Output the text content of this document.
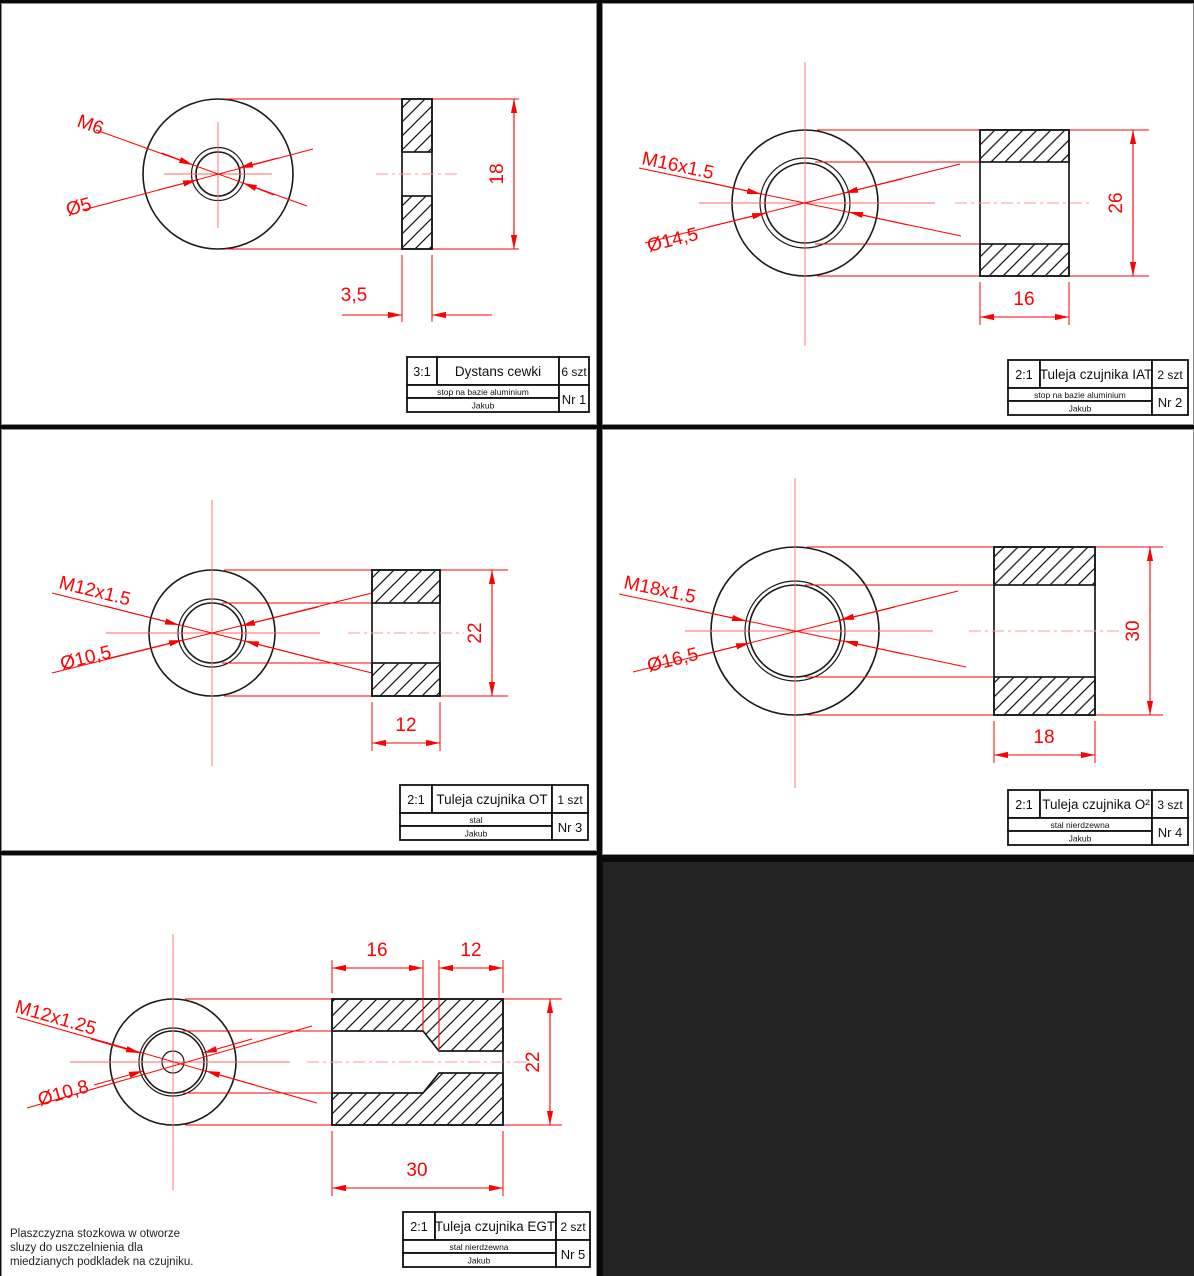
M6
Ø5
18
3,5
3:1 Dystans cewki 6 szt
stop na bazie aluminium
Jakub	Nr 1
M16x1.5
Ø14,5
26
16
2:1 Tuleja czujnika IAT 2 szt
stop na bazie aluminium
Jakub	Nr 2
M12x1.5
Ø10,5
22
12
2:1 Tuleja czujnika OT 1 szt
stal
Jakub	Nr 3
M18x1.5
Ø16,5
30
18
2:1 Tuleja czujnika O² 3 szt
stal nierdzewna
Jakub	Nr 4
M12x1.25
Ø10,8
16	12
22
30
Plaszczyzna stozkowa w otworze
sluzy do uszczelnienia dla
miedzianych podkladek na czujniku.
2:1 Tuleja czujnika EGT 2 szt
stal nierdzewna
Jakub	Nr 5
